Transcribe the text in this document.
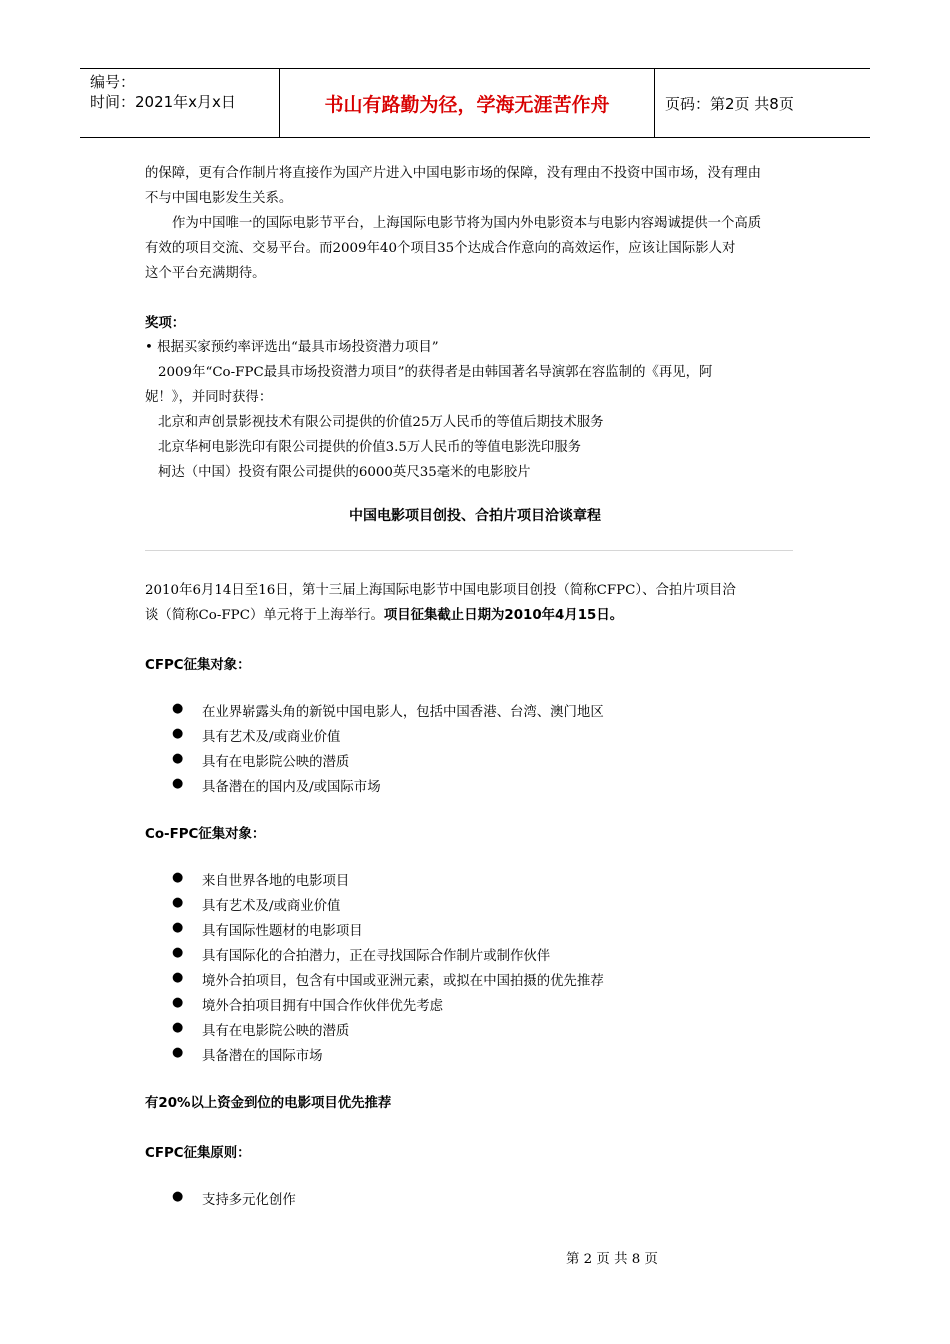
编号：
时间：2021年x月x日	书山有路勤为径，学海无涯苦作舟	页码：第2页 共8页
的保障，更有合作制片将直接作为国产片进入中国电影市场的保障，没有理由不投资中国市场，没有理由
不与中国电影发生关系。
作为中国唯一的国际电影节平台，上海国际电影节将为国内外电影资本与电影内容竭诚提供一个高质
有效的项目交流、交易平台。而2009年40个项目35个达成合作意向的高效运作，应该让国际影人对
这个平台充满期待。
奖项：
• 根据买家预约率评选出“最具市场投资潜力项目”
2009年“Co-FPC最具市场投资潜力项目”的获得者是由韩国著名导演郭在容监制的《再见，阿
妮！》，并同时获得：
北京和声创景影视技术有限公司提供的价值25万人民币的等值后期技术服务
北京华柯电影洗印有限公司提供的价值3.5万人民币的等值电影洗印服务
柯达（中国）投资有限公司提供的6000英尺35毫米的电影胶片
中国电影项目创投、合拍片项目洽谈章程
2010年6月14日至16日，第十三届上海国际电影节中国电影项目创投（简称CFPC）、合拍片项目洽
谈（简称Co-FPC）单元将于上海举行。项目征集截止日期为2010年4月15日。
CFPC征集对象：
● 在业界崭露头角的新锐中国电影人，包括中国香港、台湾、澳门地区
● 具有艺术及/或商业价值
● 具有在电影院公映的潜质
● 具备潜在的国内及/或国际市场
Co-FPC征集对象：
● 来自世界各地的电影项目
● 具有艺术及/或商业价值
● 具有国际性题材的电影项目
● 具有国际化的合拍潜力，正在寻找国际合作制片或制作伙伴
● 境外合拍项目，包含有中国或亚洲元素，或拟在中国拍摄的优先推荐
● 境外合拍项目拥有中国合作伙伴优先考虑
● 具有在电影院公映的潜质
● 具备潜在的国际市场
有20%以上资金到位的电影项目优先推荐
CFPC征集原则：
● 支持多元化创作
第 2 页 共 8 页
